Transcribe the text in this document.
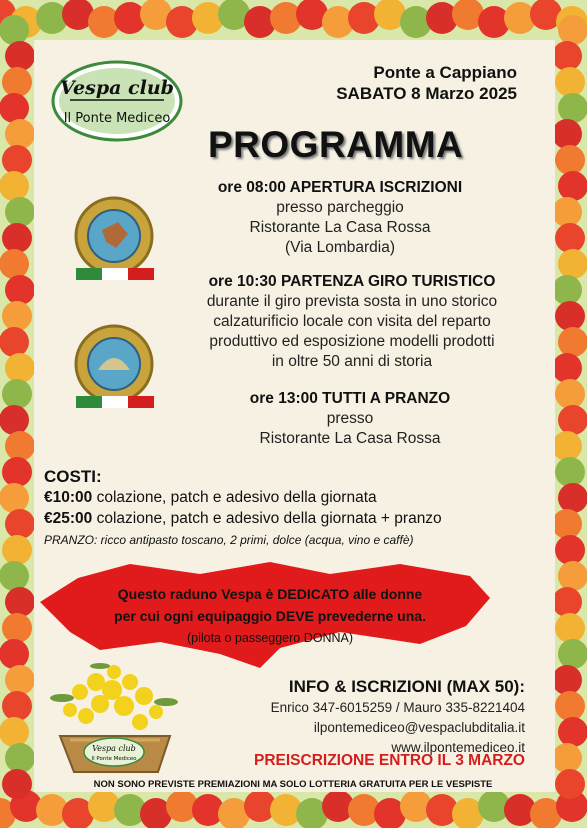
Vespa club
Il Ponte Mediceo
Ponte a Cappiano
SABATO 8 Marzo 2025
PROGRAMMA
ore 08:00 APERTURA ISCRIZIONI
presso parcheggio
Ristorante La Casa Rossa
(Via Lombardia)
ore 10:30 PARTENZA GIRO TURISTICO
durante il giro prevista sosta in uno storico
calzaturificio locale con visita del reparto
produttivo ed esposizione modelli prodotti
in oltre 50 anni di storia
ore 13:00 TUTTI A PRANZO
presso
Ristorante La Casa Rossa
COSTI:
€10:00 colazione, patch e adesivo della giornata
€25:00 colazione, patch e adesivo della giornata + pranzo
PRANZO: ricco antipasto toscano, 2 primi, dolce (acqua, vino e caffè)
Questo raduno Vespa è DEDICATO alle donne
per cui ogni equipaggio DEVE prevederne una.
(pilota o passeggero DONNA)
Vespa club
Il Ponte Mediceo
INFO & ISCRIZIONI (MAX 50):
Enrico 347-6015259 / Mauro 335-8221404
ilpontemediceo@vespaclubditalia.it
www.ilpontemediceo.it
PREISCRIZIONE ENTRO IL 3 MARZO
NON SONO PREVISTE PREMIAZIONI MA SOLO LOTTERIA GRATUITA PER LE VESPISTE
